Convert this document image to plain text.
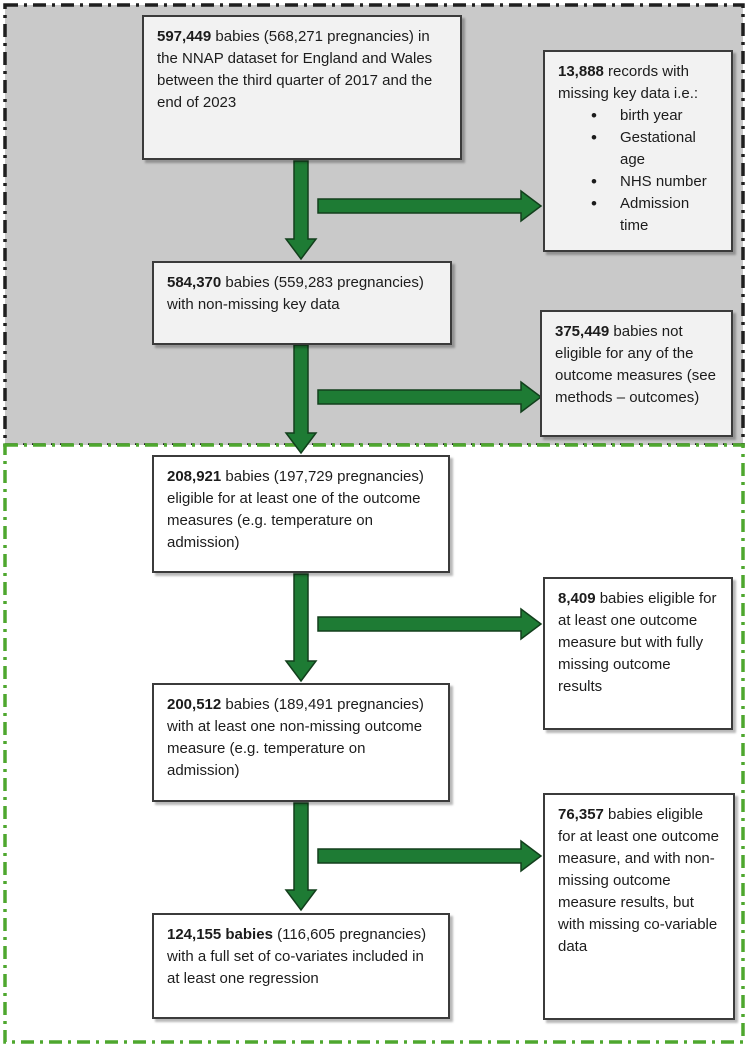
597,449 babies (568,271 pregnancies) in the NNAP dataset for England and Wales between the third quarter of 2017 and the end of 2023

584,370 babies (559,283 pregnancies) with non-missing key data

208,921 babies (197,729 pregnancies) eligible for at least one of the outcome measures (e.g. temperature on admission)

200,512 babies (189,491 pregnancies) with at least one non-missing outcome measure (e.g. temperature on admission)

124,155 babies (116,605 pregnancies) with a full set of co-variates included in at least one regression

13,888 records with missing key data i.e.:

• birth year
• Gestational age
• NHS number
• Admission time

375,449 babies not eligible for any of the outcome measures (see methods – outcomes)

8,409 babies eligible for at least one outcome measure but with fully missing outcome results

76,357 babies eligible for at least one outcome measure, and with non-missing outcome measure results, but with missing co-variable data
